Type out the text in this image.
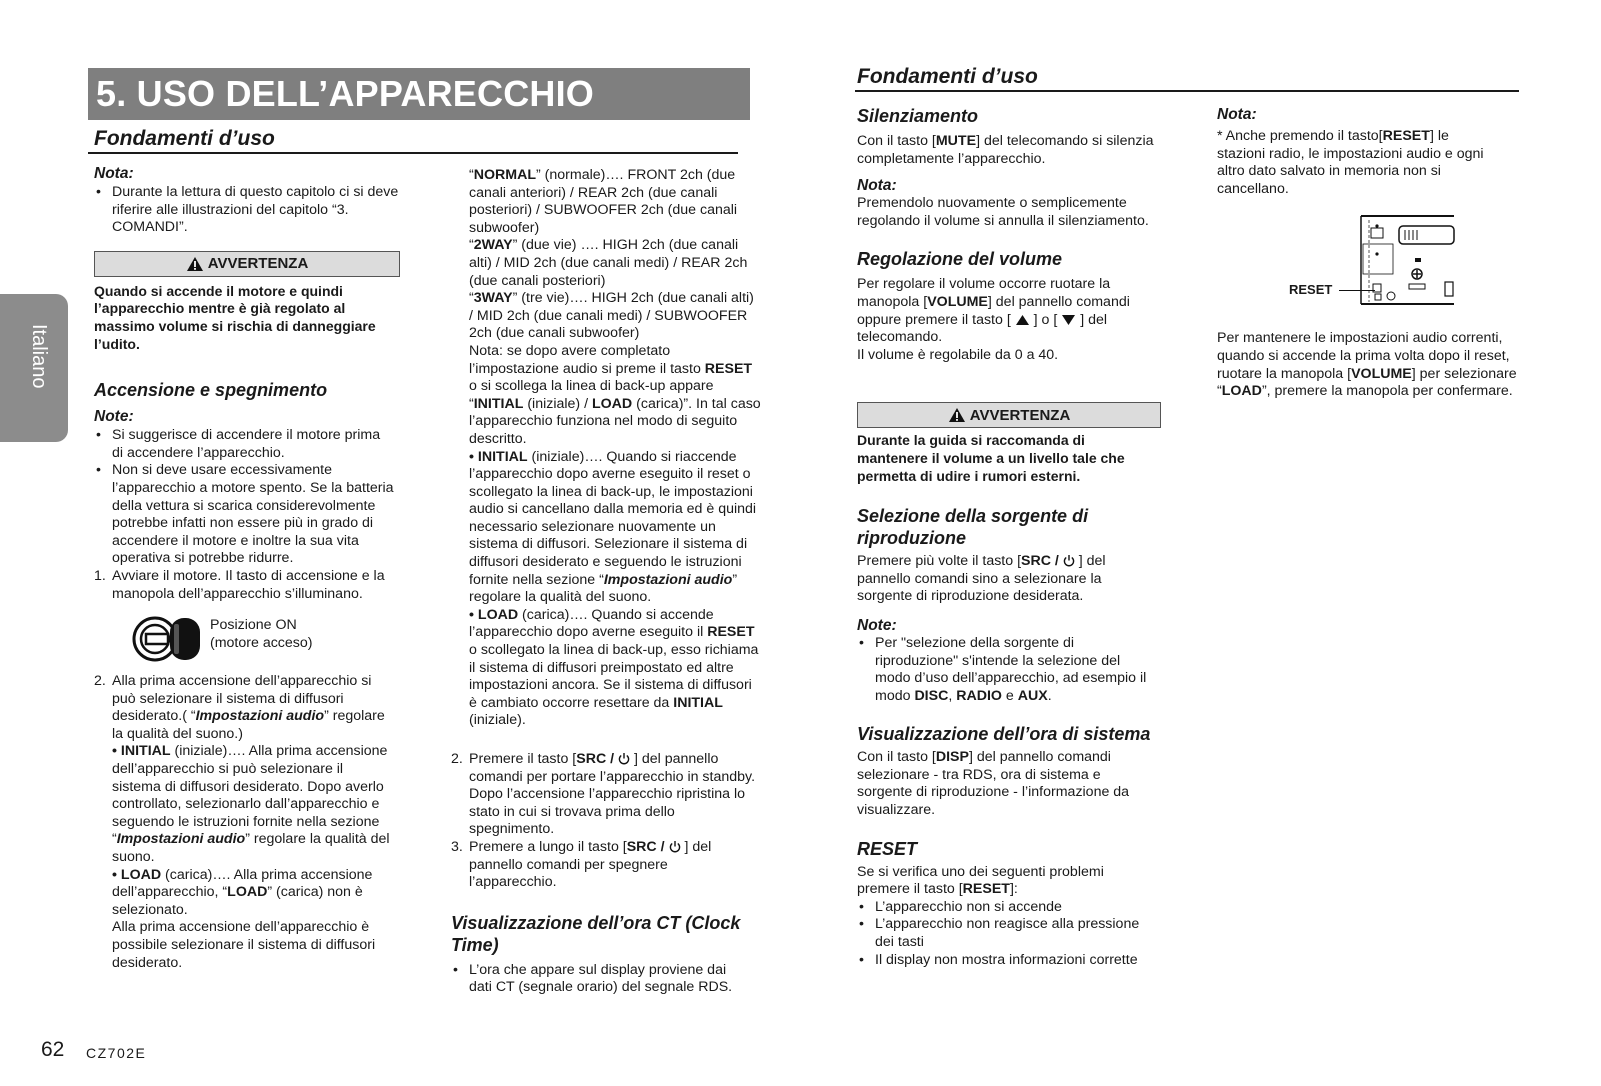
Italiano
5. USO DELL’APPARECCHIO
Fondamenti d’uso
Nota:
• Durante la lettura di questo capitolo ci si deve riferire alle illustrazioni del capitolo “3. COMANDI”.
AVVERTENZA
Quando si accende il motore e quindi l’apparecchio mentre è già regolato al massimo volume si rischia di danneggiare l’udito.
Accensione e spegnimento
Note:
• Si suggerisce di accendere il motore prima di accendere l’apparecchio.
• Non si deve usare eccessivamente l’apparecchio a motore spento. Se la batteria della vettura si scarica considerevolmente potrebbe infatti non essere più in grado di accendere il motore e inoltre la sua vita operativa si potrebbe ridurre.
1. Avviare il motore. Il tasto di accensione e la manopola dell’apparecchio s’illuminano.
Posizione ON
(motore acceso)
2. Alla prima accensione dell’apparecchio si può selezionare il sistema di diffusori desiderato.( “Impostazioni audio” regolare la qualità del suono.)
• INITIAL (iniziale)…. Alla prima accensione dell’apparecchio si può selezionare il sistema di diffusori desiderato. Dopo averlo controllato, selezionarlo dall’apparecchio e seguendo le istruzioni fornite nella sezione “Impostazioni audio” regolare la qualità del suono.
• LOAD (carica)…. Alla prima accensione dell’apparecchio, “LOAD” (carica) non è selezionato.
Alla prima accensione dell’apparecchio è possibile selezionare il sistema di diffusori desiderato.
“NORMAL” (normale)…. FRONT 2ch (due canali anteriori) / REAR 2ch (due canali posteriori) / SUBWOOFER 2ch (due canali subwoofer)
“2WAY” (due vie) …. HIGH 2ch (due canali alti) / MID 2ch (due canali medi) / REAR 2ch (due canali posteriori)
“3WAY” (tre vie)…. HIGH 2ch (due canali alti) / MID 2ch (due canali medi) / SUBWOOFER 2ch (due canali subwoofer)
Nota: se dopo avere completato l’impostazione audio si preme il tasto RESET o si scollega la linea di back-up appare “INITIAL (iniziale) / LOAD (carica)”. In tal caso l’apparecchio funziona nel modo di seguito descritto.
• INITIAL (iniziale)…. Quando si riaccende l’apparecchio dopo averne eseguito il reset o scollegato la linea di back-up, le impostazioni audio si cancellano dalla memoria ed è quindi necessario selezionare nuovamente un sistema di diffusori. Selezionare il sistema di diffusori desiderato e seguendo le istruzioni fornite nella sezione “Impostazioni audio” regolare la qualità del suono.
• LOAD (carica)…. Quando si accende l’apparecchio dopo averne eseguito il RESET o scollegato la linea di back-up, esso richiama il sistema di diffusori preimpostato ed altre impostazioni ancora. Se il sistema di diffusori è cambiato occorre resettare da INITIAL (iniziale).
2. Premere il tasto [SRC /  ] del pannello comandi per portare l’apparecchio in standby. Dopo l’accensione l’apparecchio ripristina lo stato in cui si trovava prima dello spegnimento.
3. Premere a lungo il tasto [SRC /  ] del pannello comandi per spegnere l’apparecchio.
Visualizzazione dell’ora CT (Clock Time)
• L’ora che appare sul display proviene dai dati CT (segnale orario) del segnale RDS.
Fondamenti d’uso
Silenziamento
Con il tasto [MUTE] del telecomando si silenzia completamente l’apparecchio.
Nota:
Premendolo nuovamente o semplicemente regolando il volume si annulla il silenziamento.
Regolazione del volume
Per regolare il volume occorre ruotare la manopola [VOLUME] del pannello comandi oppure premere il tasto [  ] o [  ] del telecomando.
Il volume è regolabile da 0 a 40.
AVVERTENZA
Durante la guida si raccomanda di mantenere il volume a un livello tale che permetta di udire i rumori esterni.
Selezione della sorgente di riproduzione
Premere più volte il tasto [SRC /  ] del pannello comandi sino a selezionare la sorgente di riproduzione desiderata.
Note:
• Per "selezione della sorgente di riproduzione" s'intende la selezione del modo d’uso dell’apparecchio, ad esempio il modo DISC, RADIO e AUX.
Visualizzazione dell’ora di sistema
Con il tasto [DISP] del pannello comandi selezionare - tra RDS, ora di sistema e sorgente di riproduzione - l’informazione da visualizzare.
RESET
Se si verifica uno dei seguenti problemi premere il tasto [RESET]:
• L’apparecchio non si accende
• L’apparecchio non reagisce alla pressione dei tasti
• Il display non mostra informazioni corrette
Nota:
* Anche premendo il tasto[RESET] le stazioni radio, le impostazioni audio e ogni altro dato salvato in memoria non si cancellano.
RESET
Per mantenere le impostazioni audio correnti, quando si accende la prima volta dopo il reset, ruotare la manopola [VOLUME] per selezionare “LOAD”, premere la manopola per confermare.
62 CZ702E
